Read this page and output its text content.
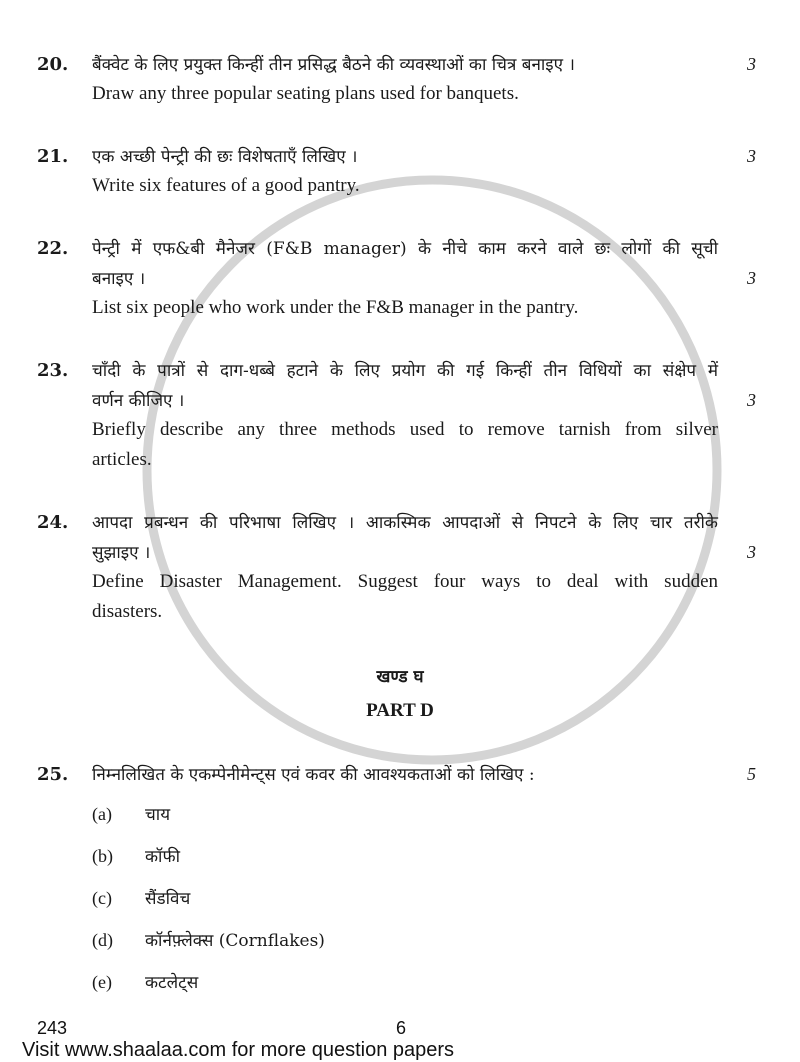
20.	बैंक्वेट के लिए प्रयुक्त किन्हीं तीन प्रसिद्ध बैठने की व्यवस्थाओं का चित्र बनाइए ।	3
Draw any three popular seating plans used for banquets.
21.	एक अच्छी पेन्ट्री की छः विशेषताएँ लिखिए ।	3
Write six features of a good pantry.
22.	पेन्ट्री में एफ&बी मैनेजर (F&B manager) के नीचे काम करने वाले छः लोगों की सूची
बनाइए ।	3
List six people who work under the F&B manager in the pantry.
23.	चाँदी के पात्रों से दाग-धब्बे हटाने के लिए प्रयोग की गई किन्हीं तीन विधियों का संक्षेप में
वर्णन कीजिए ।	3
Briefly describe any three methods used to remove tarnish from silver
articles.
24.	आपदा प्रबन्धन की परिभाषा लिखिए । आकस्मिक आपदाओं से निपटने के लिए चार तरीके
सुझाइए ।	3
Define Disaster Management. Suggest four ways to deal with sudden
disasters.
खण्ड घ
PART D
25.	निम्नलिखित के एकम्पेनीमेन्ट्स एवं कवर की आवश्यकताओं को लिखिए :	5
(a)	चाय
(b)	कॉफी
(c)	सैंडविच
(d)	कॉर्नफ़्लेक्स (Cornflakes)
(e)	कटलेट्स
243	6
Visit www.shaalaa.com for more question papers
